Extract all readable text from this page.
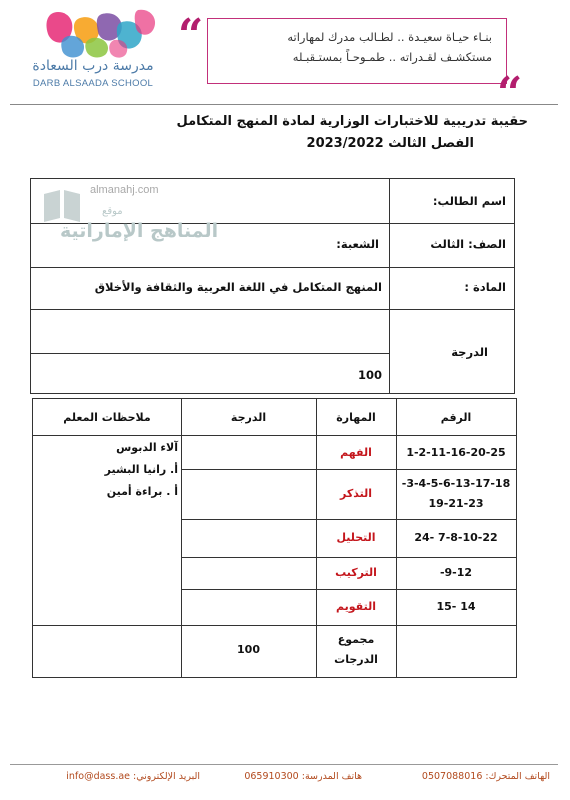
مدرسة درب السعادة
DARB ALSAADA SCHOOL
“	بنـاء حيـاة سعيـدة .. لطـالب مدرك لمهاراته
مستكشـف لقـدراته .. طمـوحـاً بمستـقبـله
“
حقيبة تدريبية للاختبارات الوزارية لمادة المنهج المتكامل
الفصل الثالث 2023/2022
اسم الطالب:
الصف: الثالث
الشعبة:
المادة :
المنهج المتكامل في اللغة العربية والثقافة والأخلاق
الدرجة
100
almanahj.com
موقع
المناهج الإماراتية
الرقم
المهارة
الدرجة
ملاحظات المعلم
1-2-11-16-20-25
الفهم
3-4-5-6-13-17-18-
19-21-23
التذكر
7-8-10-22 -24
التحليل
9-12-
التركيب
14 -15
التقويم
آلاء الدبوس
أ. رانيا البشير
أ . براءة أمين
مجموع
الدرجات
100
الهاتف المتحرك: 0507088016
هاتف المدرسة: 065910300
البريد الإلكتروني: info@dass.ae
